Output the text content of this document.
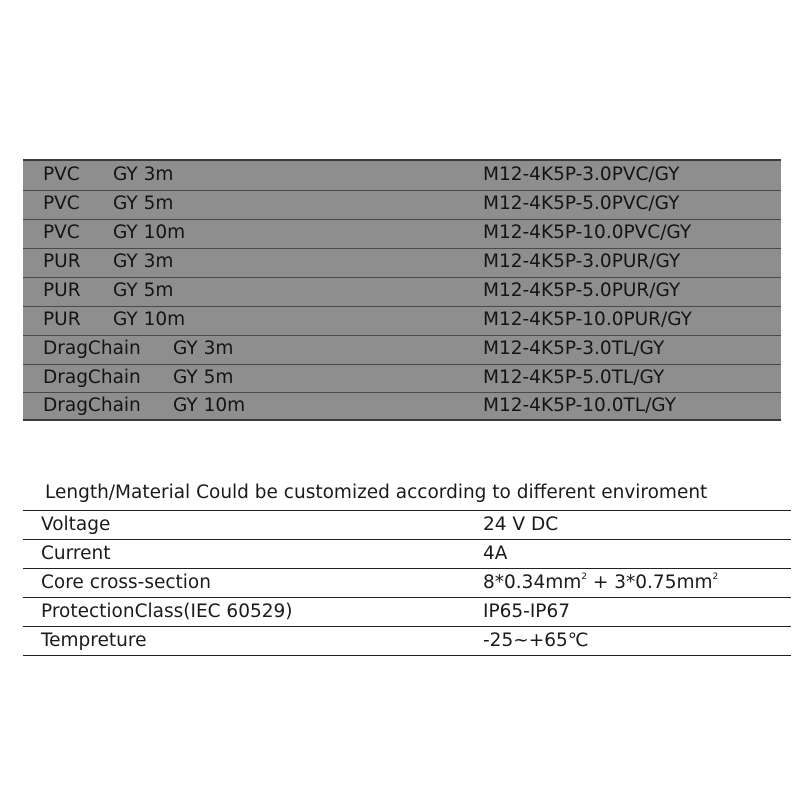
PVC GY 3m	M12-4K5P-3.0PVC/GY
PVC GY 5m	M12-4K5P-5.0PVC/GY
PVC GY 10m	M12-4K5P-10.0PVC/GY
PUR GY 3m	M12-4K5P-3.0PUR/GY
PUR GY 5m	M12-4K5P-5.0PUR/GY
PUR GY 10m	M12-4K5P-10.0PUR/GY
DragChain GY 3m	M12-4K5P-3.0TL/GY
DragChain GY 5m	M12-4K5P-5.0TL/GY
DragChain GY 10m	M12-4K5P-10.0TL/GY
Length/Material Could be customized according to different enviroment
Voltage	24 V DC
Current	4A
Core cross-section	$8*0.34mm^2 + 3*0.75mm^2$
ProtectionClass(IEC 60529)	IP65-IP67
Tempreture	-25~+65℃
